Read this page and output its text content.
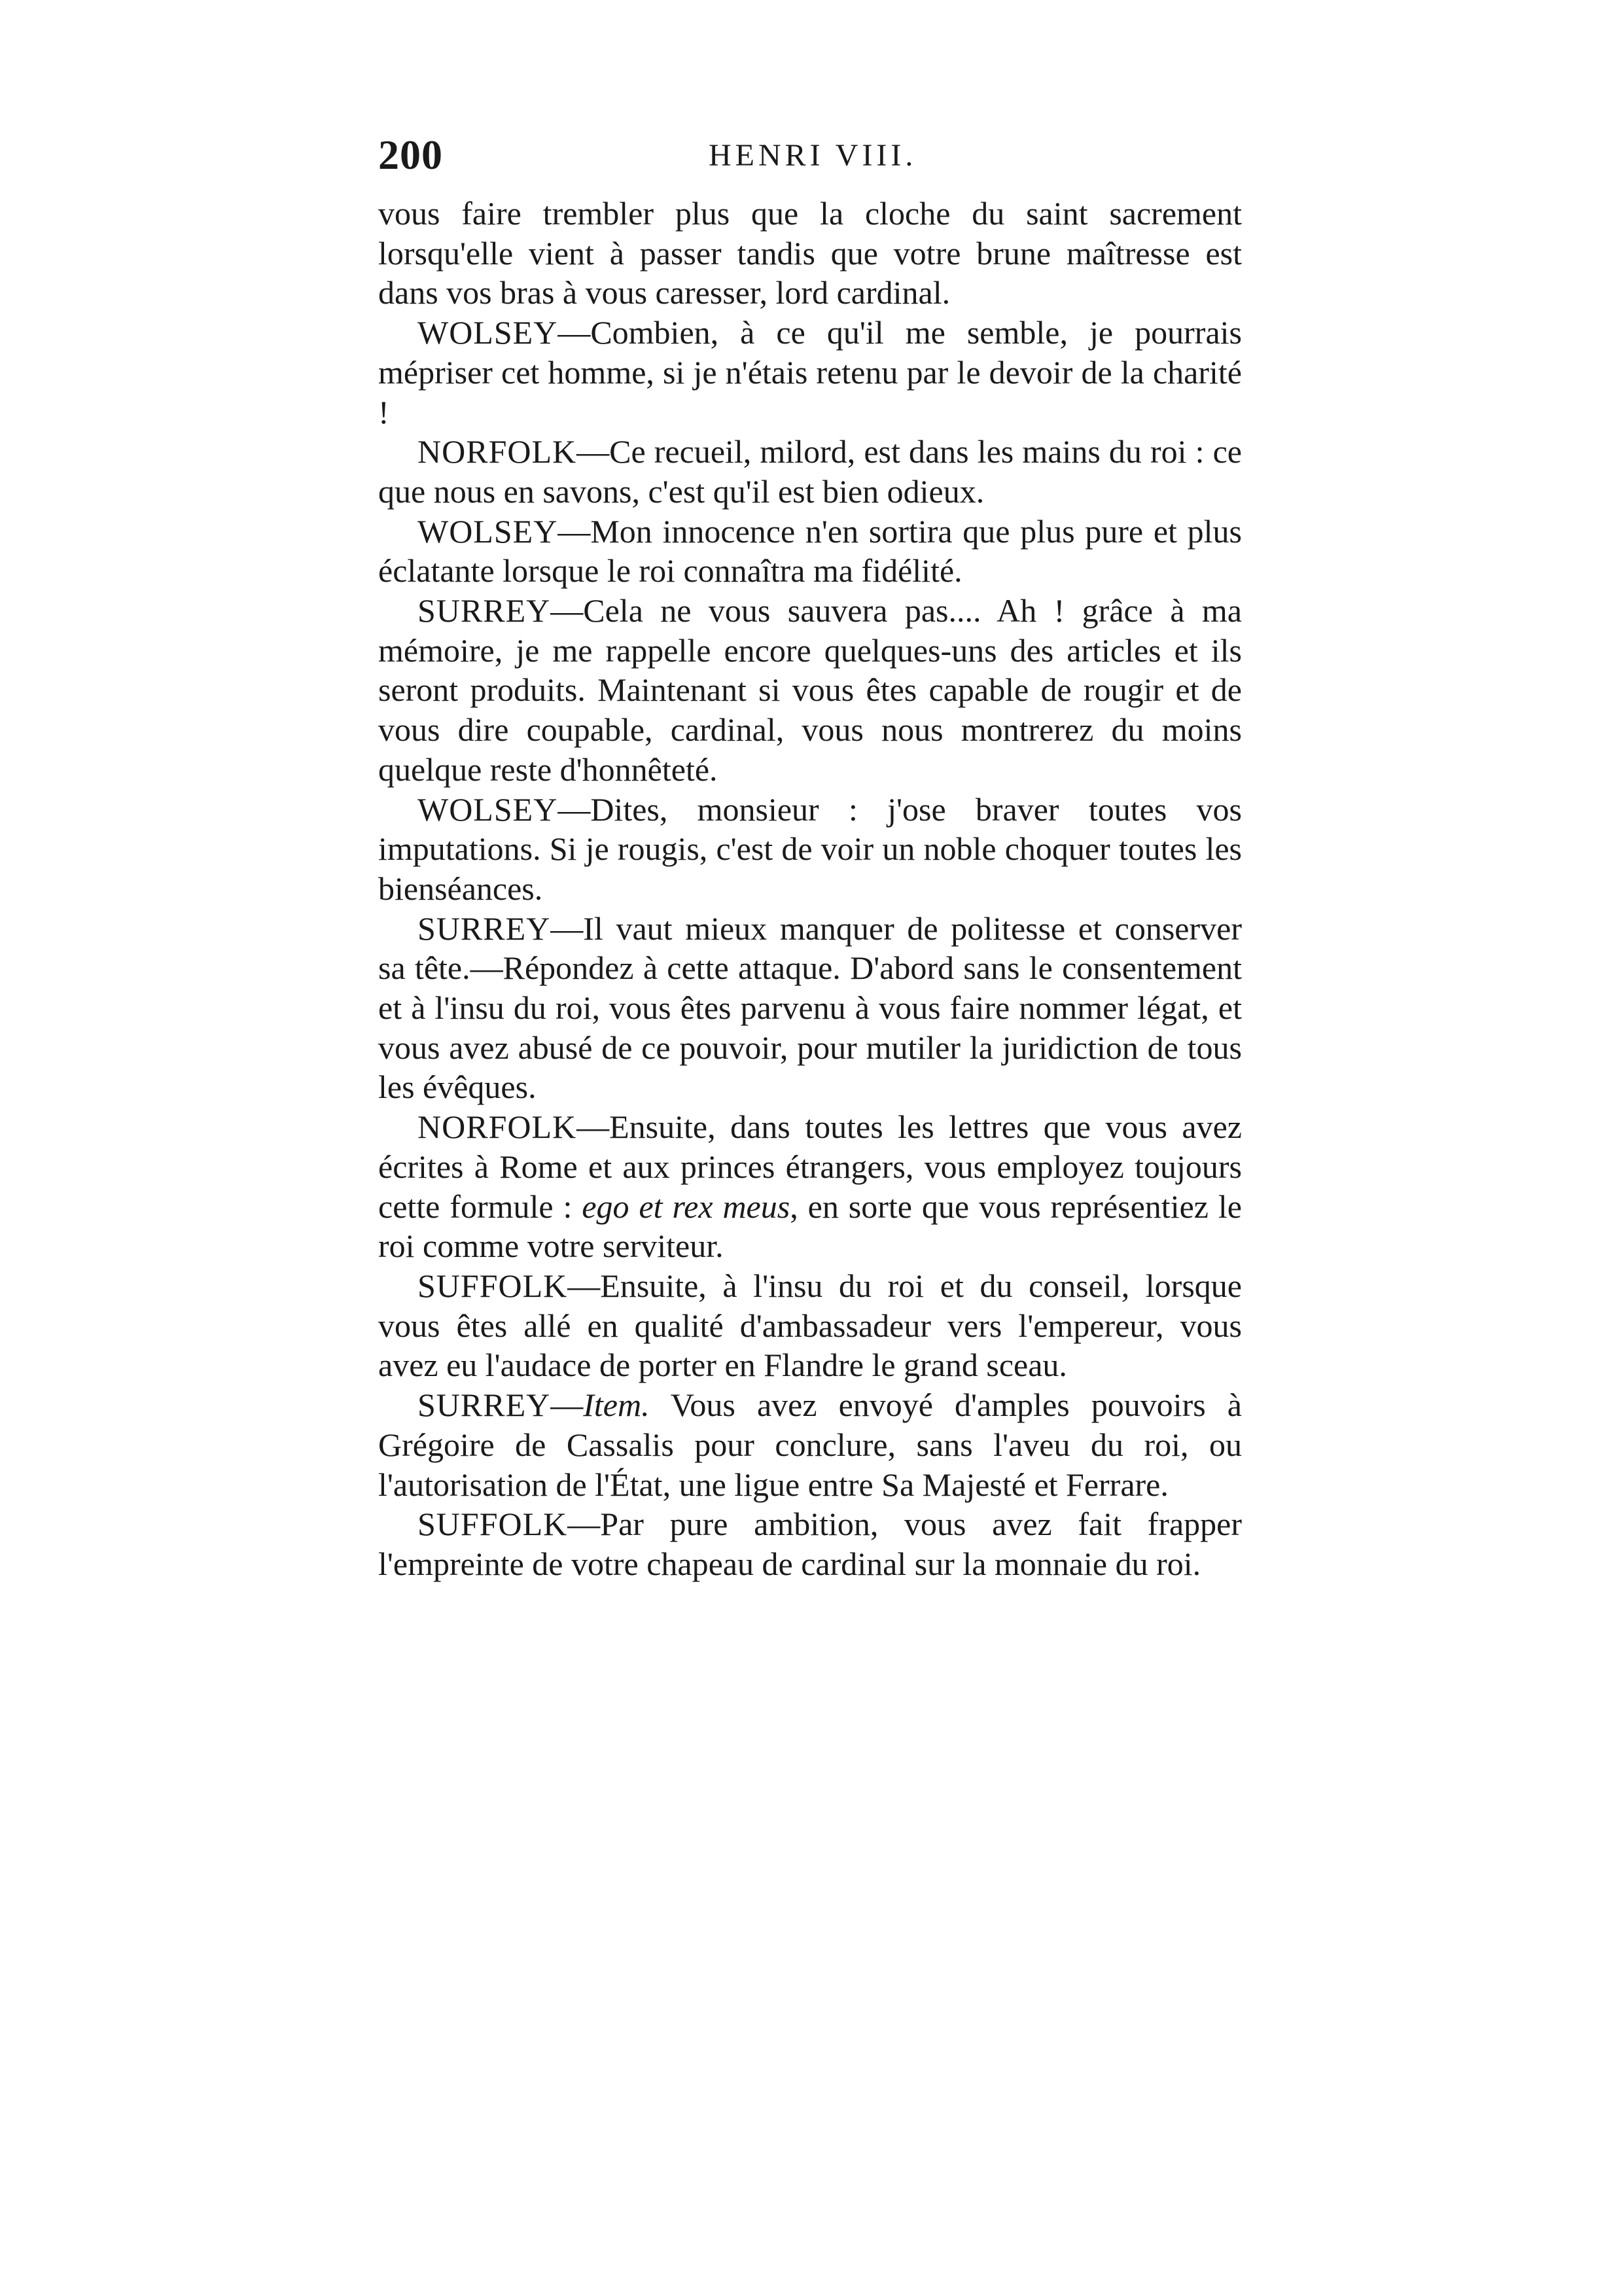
200	HENRI VIII.

vous faire trembler plus que la cloche du saint sacrement lorsqu'elle vient à passer tandis que votre brune maîtresse est dans vos bras à vous caresser, lord cardinal.

WOLSEY—Combien, à ce qu'il me semble, je pourrais mépriser cet homme, si je n'étais retenu par le devoir de la charité !

NORFOLK—Ce recueil, milord, est dans les mains du roi : ce que nous en savons, c'est qu'il est bien odieux.

WOLSEY—Mon innocence n'en sortira que plus pure et plus éclatante lorsque le roi connaîtra ma fidélité.

SURREY—Cela ne vous sauvera pas.... Ah ! grâce à ma mémoire, je me rappelle encore quelques-uns des articles et ils seront produits. Maintenant si vous êtes capable de rougir et de vous dire coupable, cardinal, vous nous montrerez du moins quelque reste d'honnêteté.

WOLSEY—Dites, monsieur : j'ose braver toutes vos imputations. Si je rougis, c'est de voir un noble choquer toutes les bienséances.

SURREY—Il vaut mieux manquer de politesse et conserver sa tête.—Répondez à cette attaque. D'abord sans le consentement et à l'insu du roi, vous êtes parvenu à vous faire nommer légat, et vous avez abusé de ce pouvoir, pour mutiler la juridiction de tous les évêques.

NORFOLK—Ensuite, dans toutes les lettres que vous avez écrites à Rome et aux princes étrangers, vous employez toujours cette formule : ego et rex meus, en sorte que vous représentiez le roi comme votre serviteur.

SUFFOLK—Ensuite, à l'insu du roi et du conseil, lorsque vous êtes allé en qualité d'ambassadeur vers l'empereur, vous avez eu l'audace de porter en Flandre le grand sceau.

SURREY—Item. Vous avez envoyé d'amples pouvoirs à Grégoire de Cassalis pour conclure, sans l'aveu du roi, ou l'autorisation de l'État, une ligue entre Sa Majesté et Ferrare.

SUFFOLK—Par pure ambition, vous avez fait frapper l'empreinte de votre chapeau de cardinal sur la monnaie du roi.
